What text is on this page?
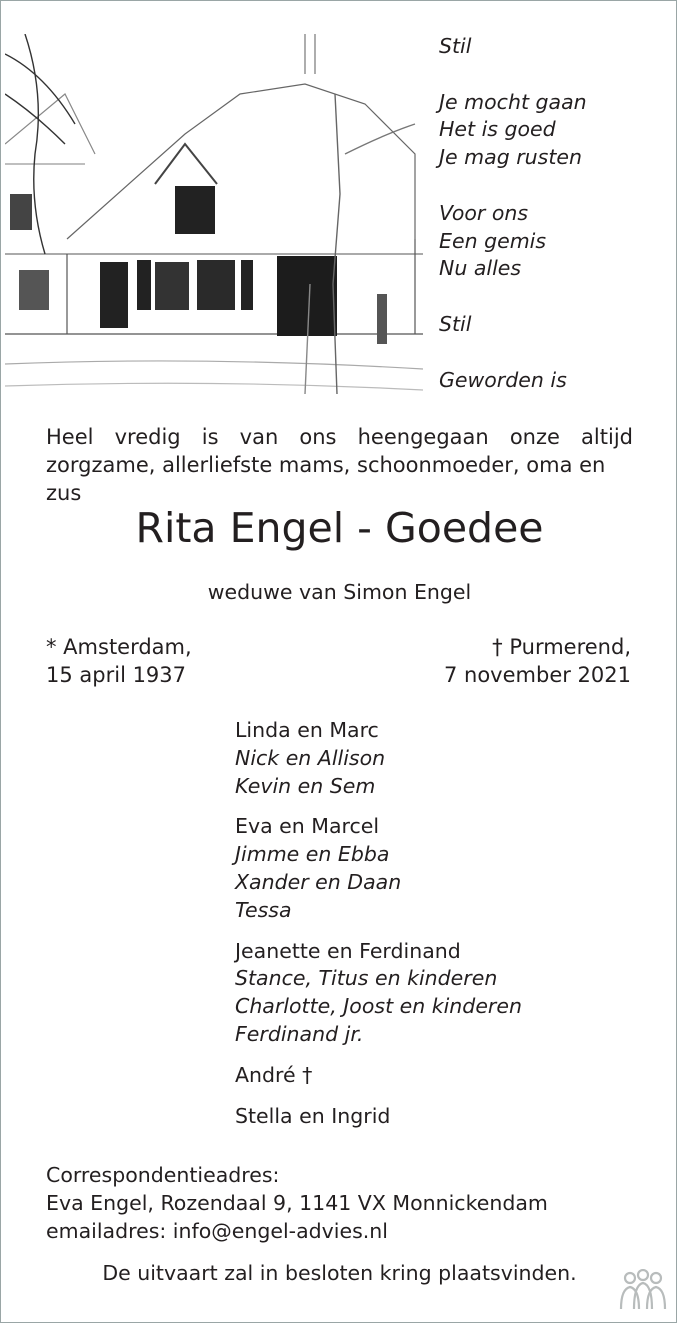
Stil
Je mocht gaan
Het is goed
Je mag rusten
Voor ons
Een gemis
Nu alles
Stil
Geworden is
Heel vredig is van ons heengegaan onze altijd
zorgzame, allerliefste mams, schoonmoeder, oma en zus
Rita Engel - Goedee
weduwe van Simon Engel
* Amsterdam,
15 april 1937
† Purmerend,
7 november 2021
Linda en Marc
Nick en Allison
Kevin en Sem
Eva en Marcel
Jimme en Ebba
Xander en Daan
Tessa
Jeanette en Ferdinand
Stance, Titus en kinderen
Charlotte, Joost en kinderen
Ferdinand jr.
André †
Stella en Ingrid
Correspondentieadres:
Eva Engel, Rozendaal 9, 1141 VX Monnickendam
emailadres: info@engel-advies.nl
De uitvaart zal in besloten kring plaatsvinden.
